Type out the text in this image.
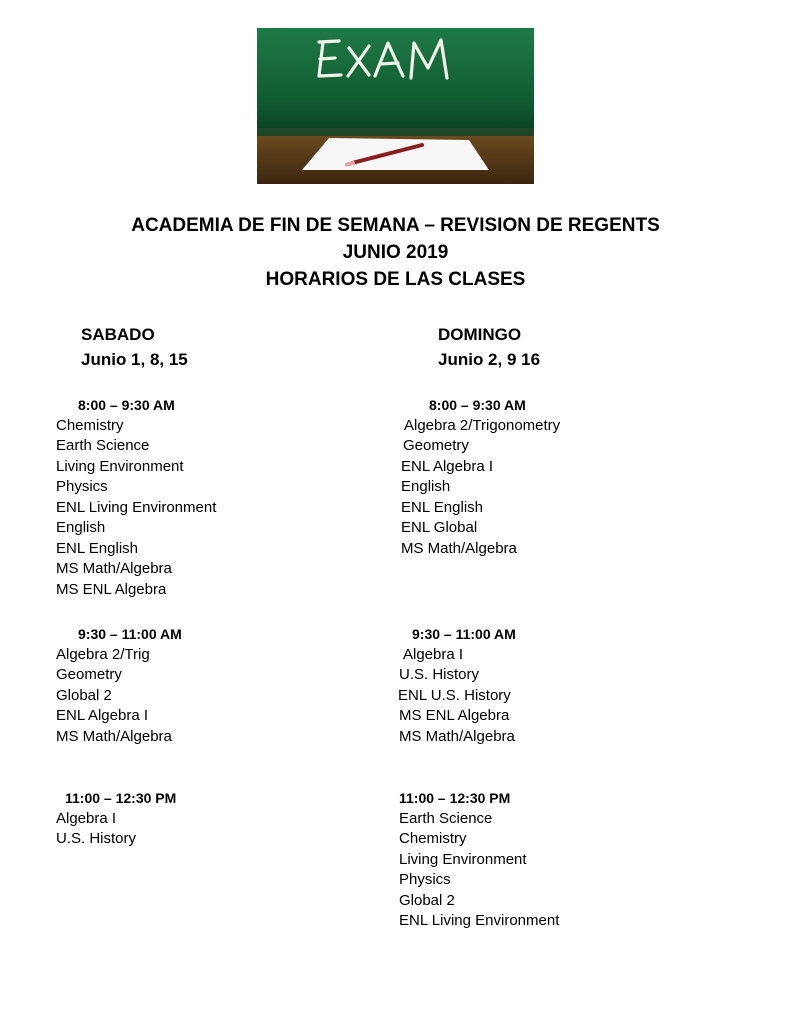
ACADEMIA DE FIN DE SEMANA – REVISION DE REGENTS
JUNIO 2019
HORARIOS DE LAS CLASES
SABADO
Junio 1, 8, 15
DOMINGO
Junio 2, 9 16
8:00 – 9:30 AM
Chemistry
Earth Science
Living Environment
Physics
ENL Living Environment
English
ENL English
MS Math/Algebra
MS ENL Algebra
9:30 – 11:00 AM
Algebra 2/Trig
Geometry
Global 2
ENL Algebra I
MS Math/Algebra
11:00 – 12:30 PM
Algebra I
U.S. History
8:00 – 9:30 AM
Algebra 2/Trigonometry
Geometry
ENL Algebra I
English
ENL English
ENL Global
MS Math/Algebra
9:30 – 11:00 AM
Algebra I
U.S. History
ENL U.S. History
MS ENL Algebra
MS Math/Algebra
11:00 – 12:30 PM
Earth Science
Chemistry
Living Environment
Physics
Global 2
ENL Living Environment
